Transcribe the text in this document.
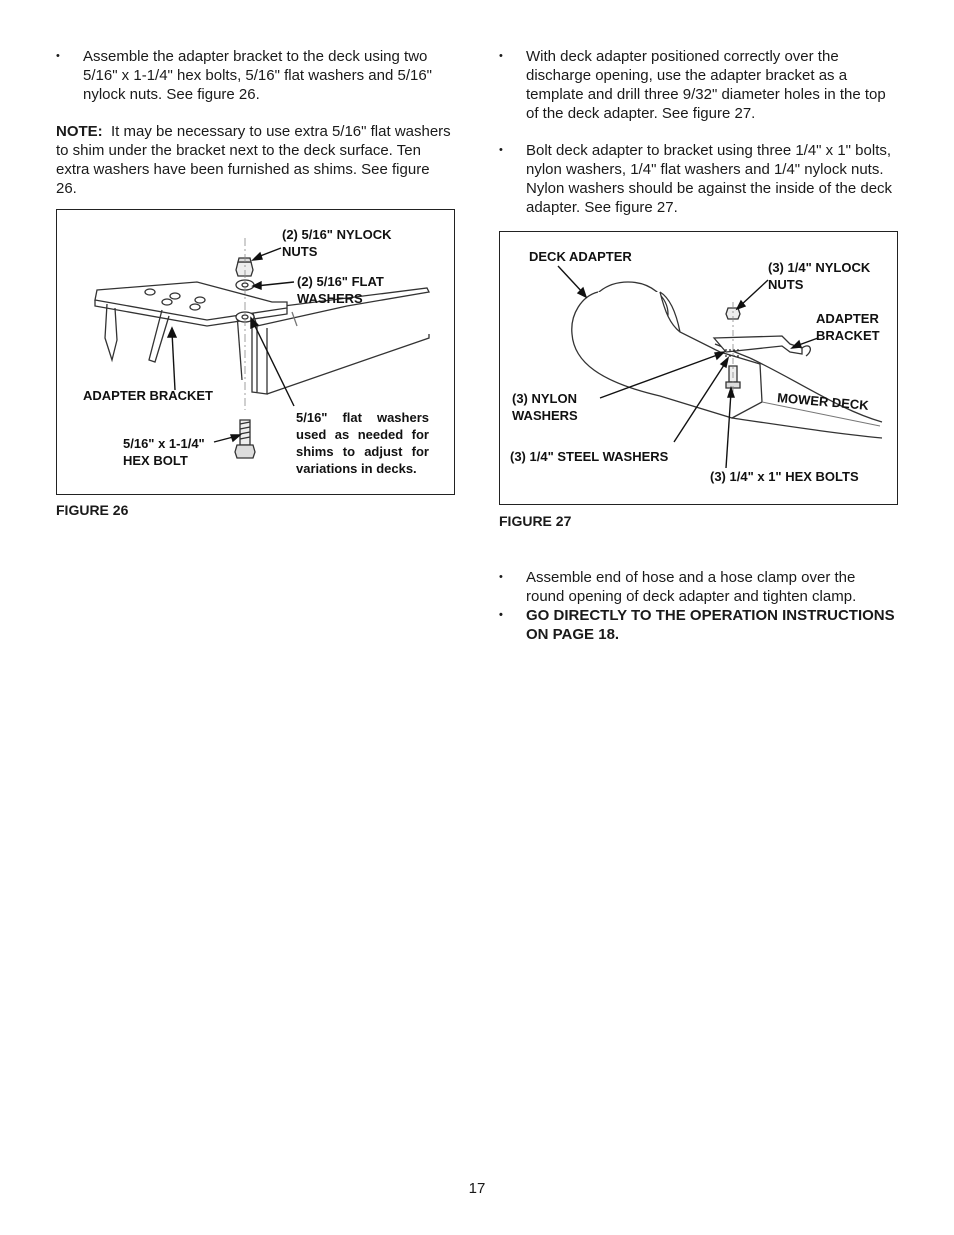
• Assemble the adapter bracket to the deck using two 5/16" x 1-1/4" hex bolts, 5/16" flat washers and 5/16" nylock nuts. See figure 26.

NOTE: It may be necessary to use extra 5/16" flat washers to shim under the bracket next to the deck surface. Ten extra washers have been furnished as shims. See figure 26.

(2) 5/16" NYLOCK NUTS
(2) 5/16" FLAT WASHERS
ADAPTER BRACKET
5/16" x 1-1/4" HEX BOLT
5/16" flat washers used as needed for shims to adjust for variations in decks.
FIGURE 26

• With deck adapter positioned correctly over the discharge opening, use the adapter bracket as a template and drill three 9/32" diameter holes in the top of the deck adapter. See figure 27.

• Bolt deck adapter to bracket using three 1/4" x 1" bolts, nylon washers, 1/4" flat washers and 1/4" nylock nuts. Nylon washers should be against the inside of the deck adapter. See figure 27.

DECK ADAPTER
(3) 1/4" NYLOCK NUTS
ADAPTER BRACKET
(3) NYLON WASHERS
MOWER DECK
(3) 1/4" STEEL WASHERS
(3) 1/4" x 1" HEX BOLTS
FIGURE 27

• Assemble end of hose and a hose clamp over the round opening of deck adapter and tighten clamp.

• GO DIRECTLY TO THE OPERATION INSTRUCTIONS ON PAGE 18.

17
